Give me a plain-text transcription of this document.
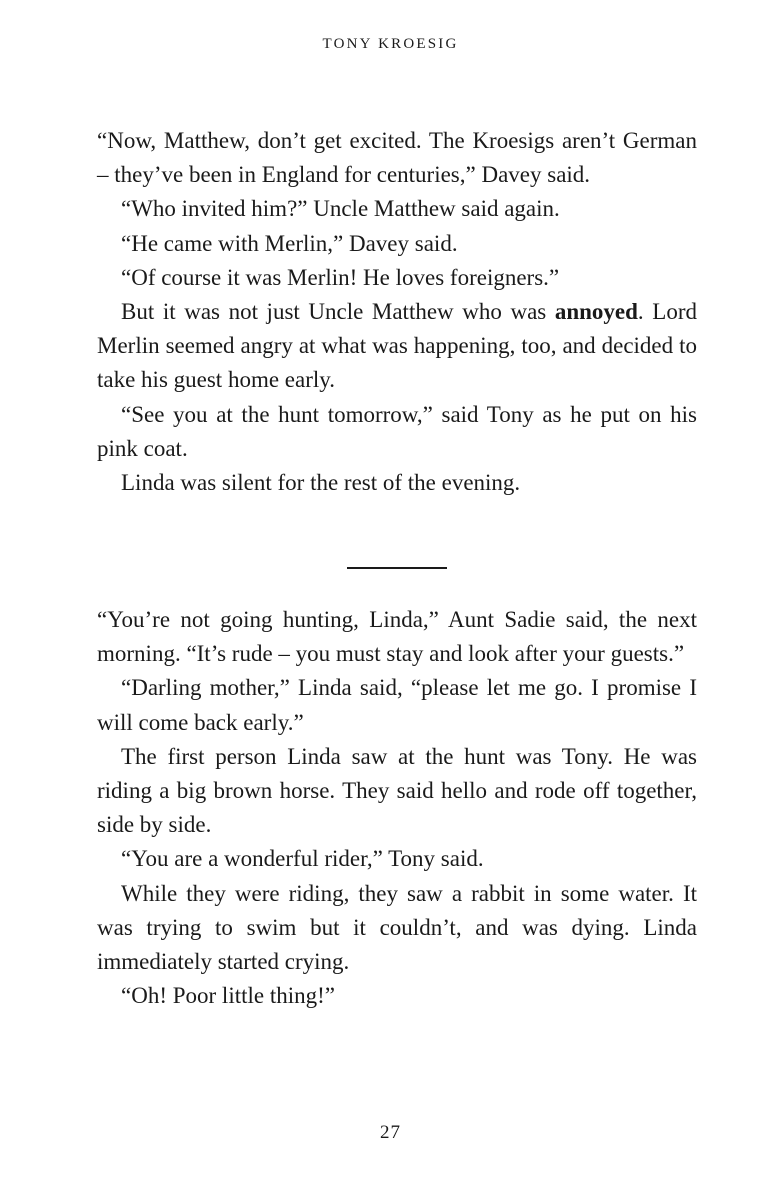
TONY KROESIG

“Now, Matthew, don’t get excited. The Kroesigs aren’t German – they’ve been in England for centuries,” Davey said.

“Who invited him?” Uncle Matthew said again.

“He came with Merlin,” Davey said.

“Of course it was Merlin! He loves foreigners.”

But it was not just Uncle Matthew who was annoyed. Lord Merlin seemed angry at what was happening, too, and decided to take his guest home early.

“See you at the hunt tomorrow,” said Tony as he put on his pink coat.

Linda was silent for the rest of the evening.

“You’re not going hunting, Linda,” Aunt Sadie said, the next morning. “It’s rude – you must stay and look after your guests.”

“Darling mother,” Linda said, “please let me go. I promise I will come back early.”

The first person Linda saw at the hunt was Tony. He was riding a big brown horse. They said hello and rode off together, side by side.

“You are a wonderful rider,” Tony said.

While they were riding, they saw a rabbit in some water. It was trying to swim but it couldn’t, and was dying. Linda immediately started crying.

“Oh! Poor little thing!”

27
